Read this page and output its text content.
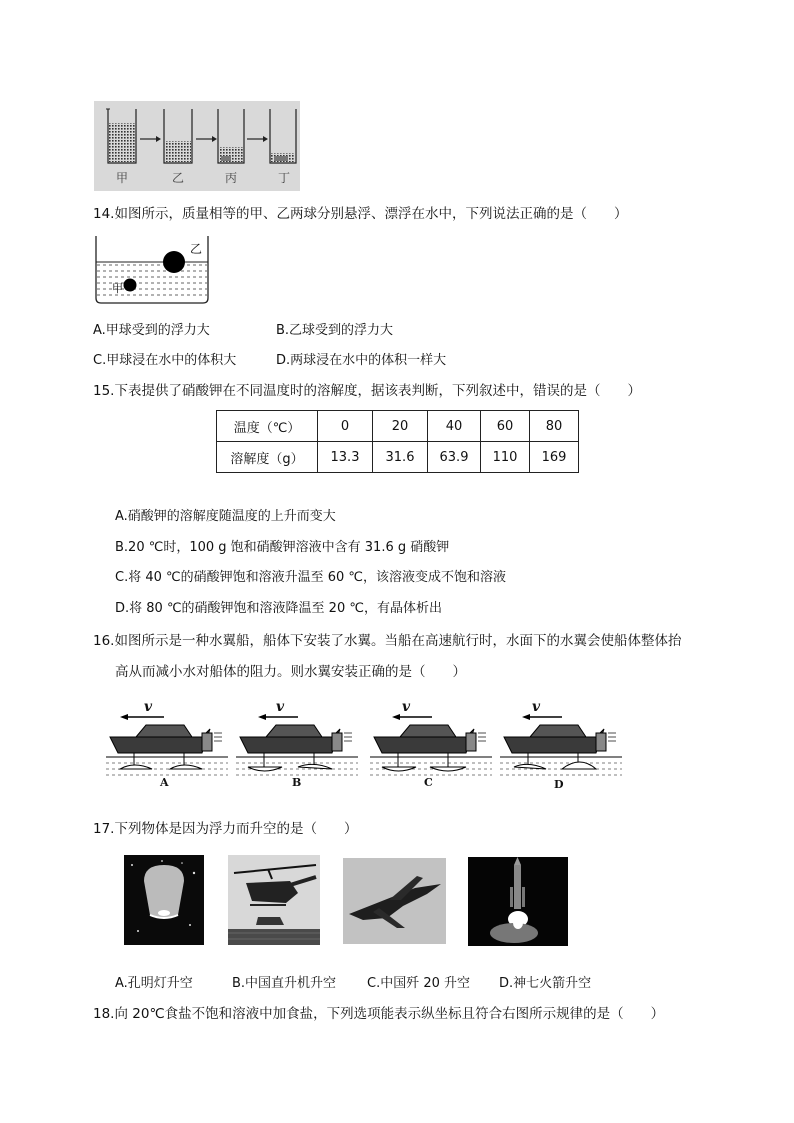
甲	乙	丙	丁
14.如图所示，质量相等的甲、乙两球分别悬浮、漂浮在水中，下列说法正确的是（　　）
乙
甲
A.甲球受到的浮力大	B.乙球受到的浮力大
C.甲球浸在水中的体积大	D.两球浸在水中的体积一样大
15.下表提供了硝酸钾在不同温度时的溶解度，据该表判断，下列叙述中，错误的是（　　）
温度（℃）	0	20	40	60	80
溶解度（g）	13.3	31.6	63.9	110	169
A.硝酸钾的溶解度随温度的上升而变大
B.20 ℃时，100 g 饱和硝酸钾溶液中含有 31.6 g 硝酸钾
C.将 40 ℃的硝酸钾饱和溶液升温至 60 ℃，该溶液变成不饱和溶液
D.将 80 ℃的硝酸钾饱和溶液降温至 20 ℃，有晶体析出
16.如图所示是一种水翼船，船体下安装了水翼。当船在高速航行时，水面下的水翼会使船体整体抬
高从而减小水对船体的阻力。则水翼安装正确的是（　　）
v
A
v
B
v
C
v
D
17.下列物体是因为浮力而升空的是（　　）
A.孔明灯升空	B.中国直升机升空 C.中国歼 20 升空 D.神七火箭升空
18.向 20℃食盐不饱和溶液中加食盐，下列选项能表示纵坐标且符合右图所示规律的是（　　）
